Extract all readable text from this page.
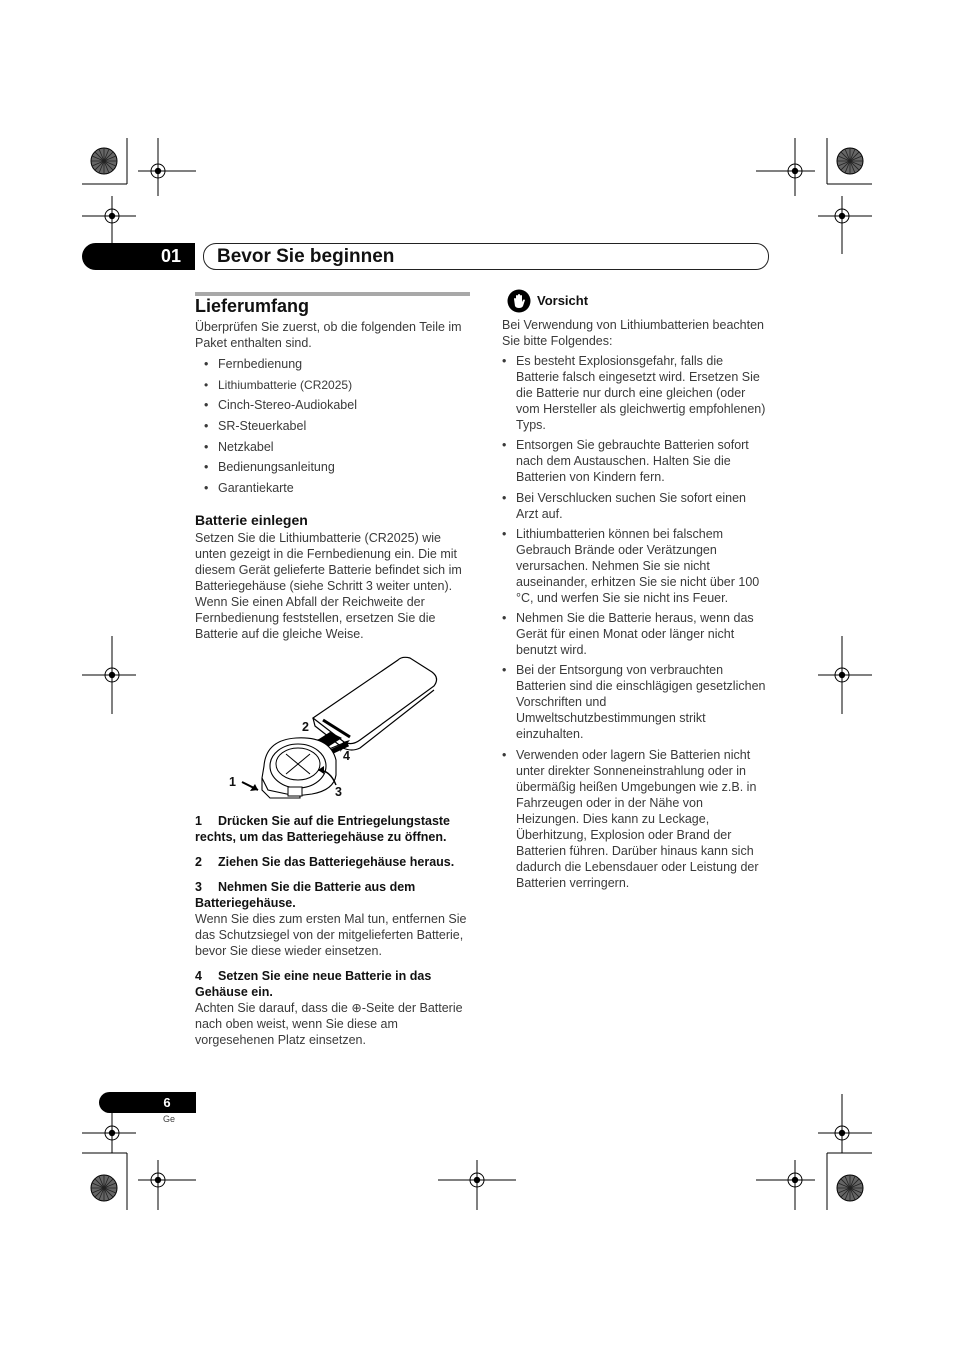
01	Bevor Sie beginnen
Lieferumfang
Überprüfen Sie zuerst, ob die folgenden Teile im Paket enthalten sind.
• Fernbedienung
• Lithiumbatterie (CR2025)
• Cinch-Stereo-Audiokabel
• SR-Steuerkabel
• Netzkabel
• Bedienungsanleitung
• Garantiekarte
Batterie einlegen
Setzen Sie die Lithiumbatterie (CR2025) wie unten gezeigt in die Fernbedienung ein. Die mit diesem Gerät gelieferte Batterie befindet sich im Batteriegehäuse (siehe Schritt 3 weiter unten). Wenn Sie einen Abfall der Reichweite der Fernbedienung feststellen, ersetzen Sie die Batterie auf die gleiche Weise.
2
4
1
3
1 Drücken Sie auf die Entriegelungstaste rechts, um das Batteriegehäuse zu öffnen.
2 Ziehen Sie das Batteriegehäuse heraus.
3 Nehmen Sie die Batterie aus dem Batteriegehäuse.
Wenn Sie dies zum ersten Mal tun, entfernen Sie das Schutzsiegel von der mitgelieferten Batterie, bevor Sie diese wieder einsetzen.
4 Setzen Sie eine neue Batterie in das Gehäuse ein.
Achten Sie darauf, dass die ⊕-Seite der Batterie nach oben weist, wenn Sie diese am vorgesehenen Platz einsetzen.
Vorsicht
Bei Verwendung von Lithiumbatterien beachten Sie bitte Folgendes:
• Es besteht Explosionsgefahr, falls die Batterie falsch eingesetzt wird. Ersetzen Sie die Batterie nur durch eine gleichen (oder vom Hersteller als gleichwertig empfohlenen) Typs.
• Entsorgen Sie gebrauchte Batterien sofort nach dem Austauschen. Halten Sie die Batterien von Kindern fern.
• Bei Verschlucken suchen Sie sofort einen Arzt auf.
• Lithiumbatterien können bei falschem Gebrauch Brände oder Verätzungen verursachen. Nehmen Sie sie nicht auseinander, erhitzen Sie sie nicht über 100 °C, und werfen Sie sie nicht ins Feuer.
• Nehmen Sie die Batterie heraus, wenn das Gerät für einen Monat oder länger nicht benutzt wird.
• Bei der Entsorgung von verbrauchten Batterien sind die einschlägigen gesetzlichen Vorschriften und Umweltschutzbestimmungen strikt einzuhalten.
• Verwenden oder lagern Sie Batterien nicht unter direkter Sonneneinstrahlung oder in übermäßig heißen Umgebungen wie z.B. in Fahrzeugen oder in der Nähe von Heizungen. Dies kann zu Leckage, Überhitzung, Explosion oder Brand der Batterien führen. Darüber hinaus kann sich dadurch die Lebensdauer oder Leistung der Batterien verringern.
6
Ge
